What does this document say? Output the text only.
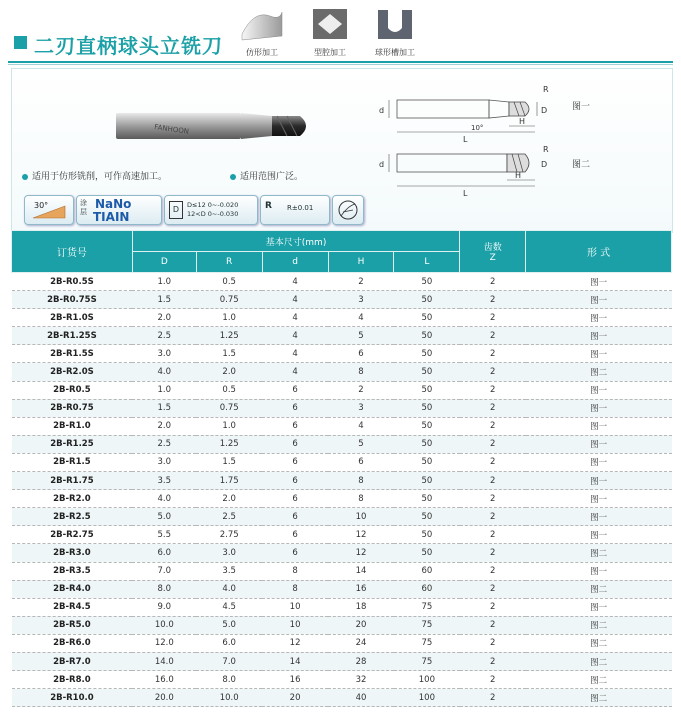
二刃直柄球头立铣刀	仿形加工	型腔加工	球形槽加工
FANHOON
适用于仿形铣削，可作高速加工。	适用范围广泛。
d
L
H
R
D
10°
图一
d
L
H
R
D	图二
30°	涂层
NaNo
TIAIN
D	D≤12 0~-0.020
12<D 0~-0.030
R R±0.01
订货号	基本尺寸(mm)					齿数
Z	形 式
	D	R	d	H	L		
2B-R0.5S	1.0	0.5	4	2	50	2	图一
2B-R0.75S	1.5	0.75	4	3	50	2	图一
2B-R1.0S	2.0	1.0	4	4	50	2	图一
2B-R1.25S	2.5	1.25	4	5	50	2	图一
2B-R1.5S	3.0	1.5	4	6	50	2	图一
2B-R2.0S	4.0	2.0	4	8	50	2	图二
2B-R0.5	1.0	0.5	6	2	50	2	图一
2B-R0.75	1.5	0.75	6	3	50	2	图一
2B-R1.0	2.0	1.0	6	4	50	2	图一
2B-R1.25	2.5	1.25	6	5	50	2	图一
2B-R1.5	3.0	1.5	6	6	50	2	图一
2B-R1.75	3.5	1.75	6	8	50	2	图一
2B-R2.0	4.0	2.0	6	8	50	2	图一
2B-R2.5	5.0	2.5	6	10	50	2	图一
2B-R2.75	5.5	2.75	6	12	50	2	图一
2B-R3.0	6.0	3.0	6	12	50	2	图二
2B-R3.5	7.0	3.5	8	14	60	2	图一
2B-R4.0	8.0	4.0	8	16	60	2	图二
2B-R4.5	9.0	4.5	10	18	75	2	图一
2B-R5.0	10.0	5.0	10	20	75	2	图二
2B-R6.0	12.0	6.0	12	24	75	2	图二
2B-R7.0	14.0	7.0	14	28	75	2	图二
2B-R8.0	16.0	8.0	16	32	100	2	图二
2B-R10.0	20.0	10.0	20	40	100	2	图二
